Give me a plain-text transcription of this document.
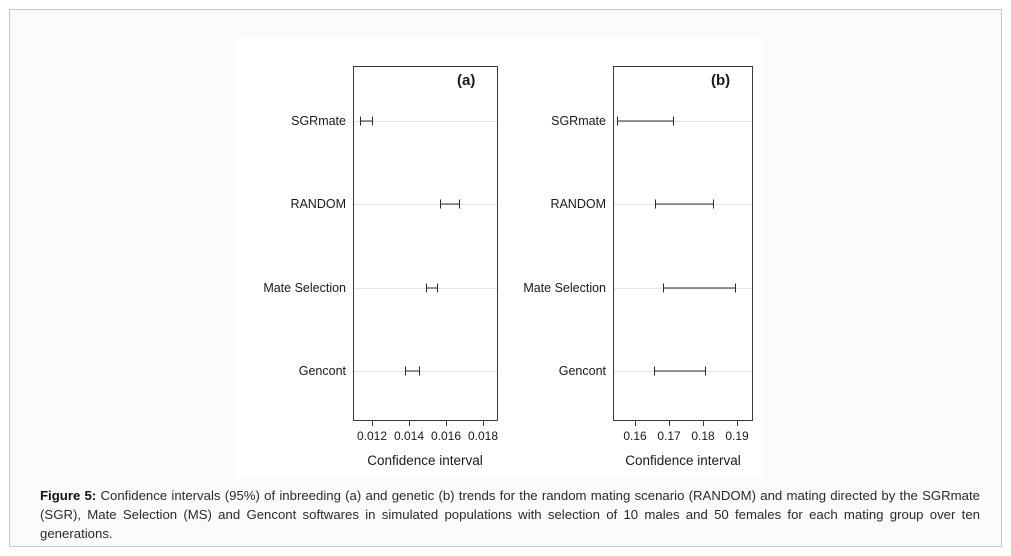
(a)
SGRmate
RANDOM
Mate Selection
Gencont
0.012 0.014 0.016 0.018
Confidence interval
(b)
SGRmate
RANDOM
Mate Selection
Gencont
0.16 0.17 0.18 0.19
Confidence interval
Figure 5: Confidence intervals (95%) of inbreeding (a) and genetic (b) trends for the random mating scenario (RANDOM) and mating directed by the SGRmate (SGR), Mate Selection (MS) and Gencont softwares in simulated populations with selection of 10 males and 50 females for each mating group over ten generations.
